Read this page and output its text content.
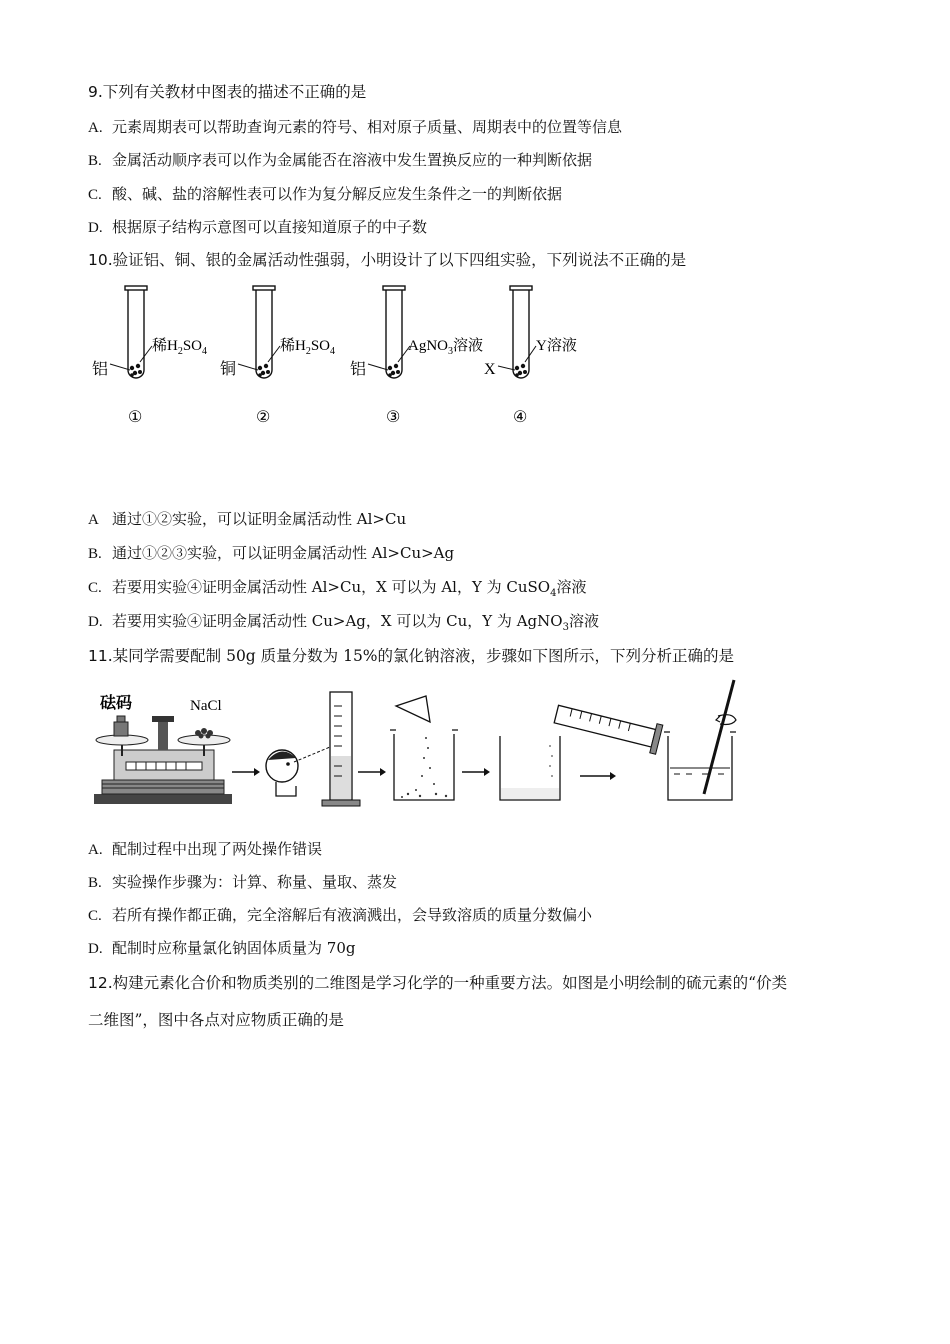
9.下列有关教材中图表的描述不正确的是
A. 元素周期表可以帮助查询元素的符号、相对原子质量、周期表中的位置等信息
B. 金属活动顺序表可以作为金属能否在溶液中发生置换反应的一种判断依据
C. 酸、碱、盐的溶解性表可以作为复分解反应发生条件之一的判断依据
D. 根据原子结构示意图可以直接知道原子的中子数
10.验证铝、铜、银的金属活动性强弱，小明设计了以下四组实验，下列说法不正确的是
铝
稀$H_2SO_4$
①
铜
稀$H_2SO_4$
②
铝
AgNO$_3$溶液
③
X
Y溶液
④
A 通过①②实验，可以证明金属活动性 Al>Cu
B. 通过①②③实验，可以证明金属活动性 Al>Cu>Ag
C. 若要用实验④证明金属活动性 Al>Cu，X 可以为 Al，Y 为 CuSO$_4$溶液
D. 若要用实验④证明金属活动性 Cu>Ag，X 可以为 Cu，Y 为 AgNO$_3$溶液
11.某同学需要配制 50g 质量分数为 15%的氯化钠溶液，步骤如下图所示，下列分析正确的是
砝码	NaCl
A. 配制过程中出现了两处操作错误
B. 实验操作步骤为：计算、称量、量取、蒸发
C. 若所有操作都正确，完全溶解后有液滴溅出，会导致溶质的质量分数偏小
D. 配制时应称量氯化钠固体质量为 70g
12.构建元素化合价和物质类别的二维图是学习化学的一种重要方法。如图是小明绘制的硫元素的“价类
二维图”，图中各点对应物质正确的是
